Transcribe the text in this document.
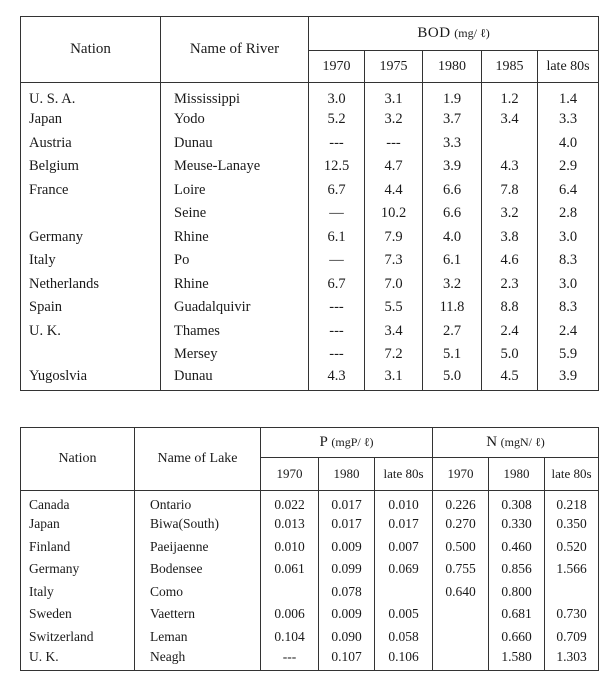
Nation	Name of River	BOD (mg/ ℓ)				
		1970	1975	1980	1985	late 80s
U. S. A.	Mississippi	3.0	3.1	1.9	1.2	1.4
Japan	Yodo	5.2	3.2	3.7	3.4	3.3
Austria	Dunau	---	---	3.3		4.0
Belgium	Meuse-Lanaye	12.5	4.7	3.9	4.3	2.9
France	Loire	6.7	4.4	6.6	7.8	6.4
	Seine	—	10.2	6.6	3.2	2.8
Germany	Rhine	6.1	7.9	4.0	3.8	3.0
Italy	Po	—	7.3	6.1	4.6	8.3
Netherlands	Rhine	6.7	7.0	3.2	2.3	3.0
Spain	Guadalquivir	---	5.5	11.8	8.8	8.3
U. K.	Thames	---	3.4	2.7	2.4	2.4
	Mersey	---	7.2	5.1	5.0	5.9
Yugoslvia	Dunau	4.3	3.1	5.0	4.5	3.9
Nation	Name of Lake	P (mgP/ ℓ)			N (mgN/ ℓ)		
		1970	1980	late 80s	1970	1980	late 80s
Canada	Ontario	0.022	0.017	0.010	0.226	0.308	0.218
Japan	Biwa(South)	0.013	0.017	0.017	0.270	0.330	0.350
Finland	Paeijaenne	0.010	0.009	0.007	0.500	0.460	0.520
Germany	Bodensee	0.061	0.099	0.069	0.755	0.856	1.566
Italy	Como		0.078		0.640	0.800	
Sweden	Vaettern	0.006	0.009	0.005		0.681	0.730
Switzerland	Leman	0.104	0.090	0.058		0.660	0.709
U. K.	Neagh	---	0.107	0.106		1.580	1.303
